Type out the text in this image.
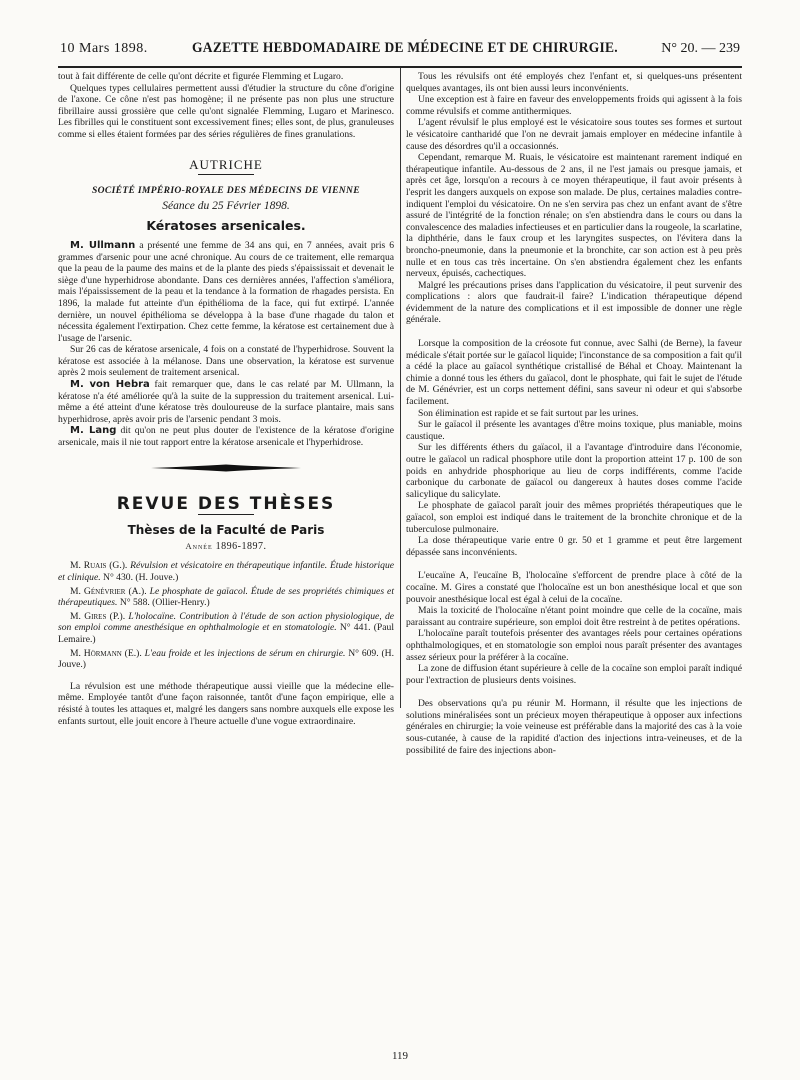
10 Mars 1898.	GAZETTE HEBDOMADAIRE DE MÉDECINE ET DE CHIRURGIE.	N° 20. — 239

tout à fait différente de celle qu'ont décrite et figurée Flemming et Lugaro.

Quelques types cellulaires permettent aussi d'étudier la structure du cône d'origine de l'axone. Ce cône n'est pas homogène; il ne présente pas non plus une structure fibrillaire aussi grossière que celle qu'ont signalée Flemming, Lugaro et Marinesco. Les fibrilles qui le constituent sont excessivement fines; elles sont, de plus, granuleuses comme si elles étaient formées par des séries régulières de fines granulations.

AUTRICHE
SOCIÉTÉ IMPÉRIO-ROYALE DES MÉDECINS DE VIENNE
Séance du 25 Février 1898.
Kératoses arsenicales.

M. Ullmann a présenté une femme de 34 ans qui, en 7 années, avait pris 6 grammes d'arsenic pour une acné chronique. Au cours de ce traitement, elle remarqua que la peau de la paume des mains et de la plante des pieds s'épaississait et devenait le siège d'une hyperhidrose abondante. Dans ces dernières années, l'affection s'améliora, mais l'épaississement de la peau et la tendance à la formation de rhagades persista. En 1896, la malade fut atteinte d'un épithélioma de la face, qui fut extirpé. L'année dernière, un nouvel épithélioma se développa à la base d'une rhagade du talon et nécessita également l'extirpation. Chez cette femme, la kératose est certainement due à l'usage de l'arsenic.

Sur 26 cas de kératose arsenicale, 4 fois on a constaté de l'hyperhidrose. Souvent la kératose est associée à la mélanose. Dans une observation, la kératose est survenue après 2 mois seulement de traitement arsenical.

M. von Hebra fait remarquer que, dans le cas relaté par M. Ullmann, la kératose n'a été améliorée qu'à la suite de la suppression du traitement arsenical. Lui-même a été atteint d'une kératose très douloureuse de la surface plantaire, mais sans hyperhidrose, après avoir pris de l'arsenic pendant 3 mois.

M. Lang dit qu'on ne peut plus douter de l'existence de la kératose d'origine arsenicale, mais il nie tout rapport entre la kératose arsenicale et l'hyperhidrose.

REVUE DES THÈSES
Thèses de la Faculté de Paris
Année 1896-1897.

M. Ruais (G.). Révulsion et vésicatoire en thérapeutique infantile. Étude historique et clinique. N° 430. (H. Jouve.)

M. Génévrier (A.). Le phosphate de gaïacol. Étude de ses propriétés chimiques et thérapeutiques. N° 588. (Ollier-Henry.)

M. Gires (P.). L'holocaïne. Contribution à l'étude de son action physiologique, de son emploi comme anesthésique en ophthalmologie et en stomatologie. N° 441. (Paul Lemaire.)

M. Hörmann (E.). L'eau froide et les injections de sérum en chirurgie. N° 609. (H. Jouve.)

La révulsion est une méthode thérapeutique aussi vieille que la médecine elle-même. Employée tantôt d'une façon raisonnée, tantôt d'une façon empirique, elle a résisté à toutes les attaques et, malgré les dangers sans nombre auxquels elle expose les enfants surtout, elle jouit encore à l'heure actuelle d'une vogue extraordinaire.

Tous les révulsifs ont été employés chez l'enfant et, si quelques-uns présentent quelques avantages, ils ont bien aussi leurs inconvénients.

Une exception est à faire en faveur des enveloppements froids qui agissent à la fois comme révulsifs et comme antithermiques.

L'agent révulsif le plus employé est le vésicatoire sous toutes ses formes et surtout le vésicatoire cantharidé que l'on ne devrait jamais employer en médecine infantile à cause des désordres qu'il a occasionnés.

Cependant, remarque M. Ruais, le vésicatoire est maintenant rarement indiqué en thérapeutique infantile. Au-dessous de 2 ans, il ne l'est jamais ou presque jamais, et après cet âge, lorsqu'on a recours à ce moyen thérapeutique, il faut avoir présents à l'esprit les dangers auxquels on expose son malade. De plus, certaines maladies contre-indiquent l'emploi du vésicatoire. On ne s'en servira pas chez un enfant avant de s'être assuré de l'intégrité de la fonction rénale; on s'en abstiendra dans le cours ou dans la convalescence des maladies infectieuses et en particulier dans la rougeole, la scarlatine, la diphthérie, dans le faux croup et les laryngites suspectes, on l'évitera dans la broncho-pneumonie, dans la pneumonie et la bronchite, car son action est à peu près nulle et en tous cas très incertaine. On s'en abstiendra également chez les enfants nerveux, épuisés, cachectiques.

Malgré les précautions prises dans l'application du vésicatoire, il peut survenir des complications : alors que faudrait-il faire? L'indication thérapeutique dépend évidemment de la nature des complications et il est impossible de donner une règle générale.

Lorsque la composition de la créosote fut connue, avec Salhi (de Berne), la faveur médicale s'était portée sur le gaïacol liquide; l'inconstance de sa composition a fait qu'il a cédé la place au gaïacol synthétique cristallisé de Béhal et Choay. Maintenant la chimie a donné tous les éthers du gaïacol, dont le phosphate, qui fait le sujet de l'étude de M. Génévrier, est un corps nettement défini, sans saveur ni odeur et qui s'absorbe facilement.

Son élimination est rapide et se fait surtout par les urines.

Sur le gaïacol il présente les avantages d'être moins toxique, plus maniable, moins caustique.

Sur les différents éthers du gaïacol, il a l'avantage d'introduire dans l'économie, outre le gaïacol un radical phosphore utile dont la proportion atteint 17 p. 100 de son poids en anhydride phosphorique au lieu de corps indifférents, comme l'acide carbonique du carbonate de gaïacol ou dangereux à hautes doses comme l'acide salicylique du salicylate.

Le phosphate de gaïacol paraît jouir des mêmes propriétés thérapeutiques que le gaïacol, son emploi est indiqué dans le traitement de la bronchite chronique et de la tuberculose pulmonaire.

La dose thérapeutique varie entre 0 gr. 50 et 1 gramme et peut être largement dépassée sans inconvénients.

L'eucaïne A, l'eucaïne B, l'holocaïne s'efforcent de prendre place à côté de la cocaïne. M. Gires a constaté que l'holocaïne est un bon anesthésique local et que son pouvoir anesthésique local est égal à celui de la cocaïne.

Mais la toxicité de l'holocaïne n'étant point moindre que celle de la cocaïne, mais paraissant au contraire supérieure, son emploi doit être restreint à de petites opérations.

L'holocaïne paraît toutefois présenter des avantages réels pour certaines opérations ophthalmologiques, et en stomatologie son emploi nous paraît présenter des avantages assez sérieux pour la préférer à la cocaïne.

La zone de diffusion étant supérieure à celle de la cocaïne son emploi paraît indiqué pour l'extraction de plusieurs dents voisines.

Des observations qu'a pu réunir M. Hormann, il résulte que les injections de solutions minéralisées sont un précieux moyen thérapeutique à opposer aux infections générales en chirurgie; la voie veineuse est préférable dans la majorité des cas à la voie sous-cutanée, à cause de la rapidité d'action des injections intra-veineuses, et de la possibilité de faire des injections abon-

119
